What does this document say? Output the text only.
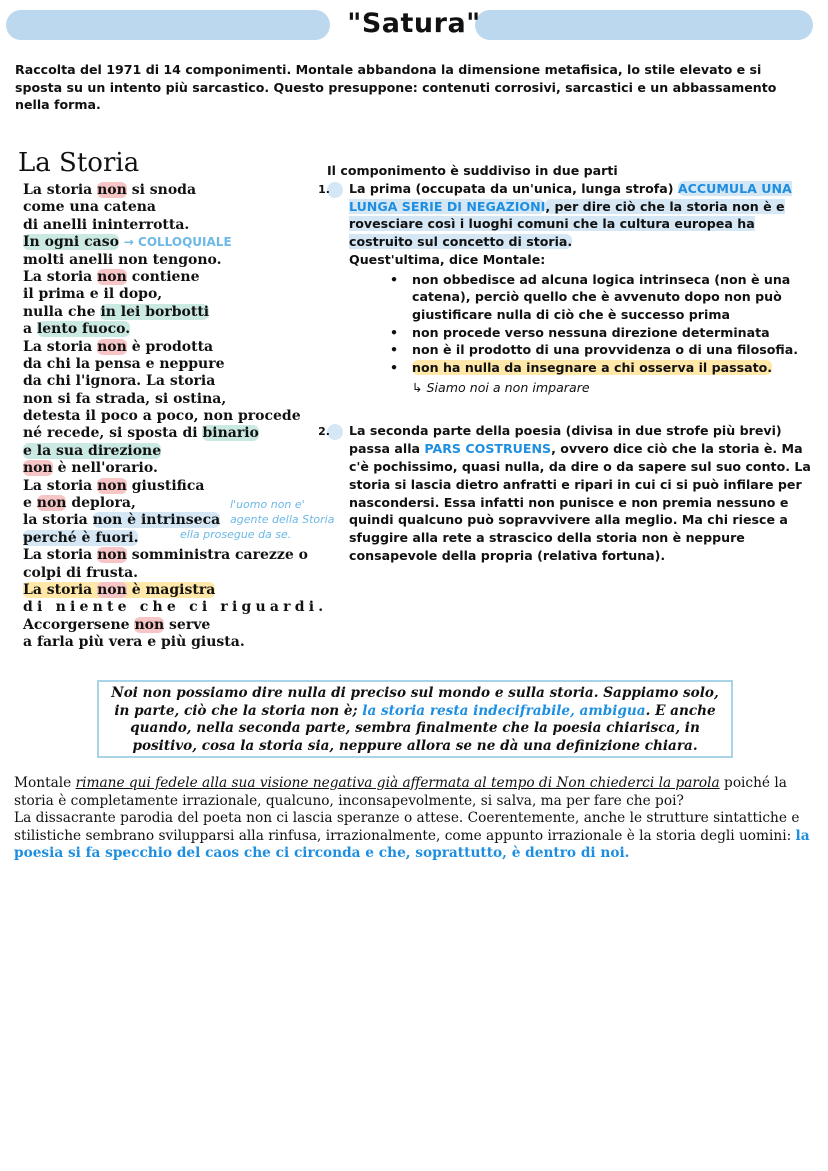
"Satura"
Raccolta del 1971 di 14 componimenti. Montale abbandona la dimensione metafisica, lo stile elevato e si sposta su un intento più sarcastico. Questo presuppone: contenuti corrosivi, sarcastici e un abbassamento nella forma.
La Storia
La storia non si snoda
come una catena
di anelli ininterrotta.
In ogni caso → COLLOQUIALE
molti anelli non tengono.
La storia non contiene
il prima e il dopo,
nulla che in lei borbotti
a lento fuoco.
La storia non è prodotta
da chi la pensa e neppure
da chi l'ignora. La storia
non si fa strada, si ostina,
detesta il poco a poco, non procede
né recede, si sposta di binario
e la sua direzione
non è nell'orario.
La storia non giustifica
e non deplora,
la storia non è intrinseca
perché è fuori.
La storia non somministra carezze o
colpi di frusta.
La storia non è magistra
di niente che ci riguardi.
Accorgersene non serve
a farla più vera e più giusta.
l'uomo non e'
agente della Storia
ella prosegue da se.

Il componimento è suddiviso in due parti

1. La prima (occupata da un'unica, lunga strofa) ACCUMULA UNA LUNGA SERIE DI NEGAZIONI, per dire ciò che la storia non è e rovesciare così i luoghi comuni che la cultura europea ha costruito sul concetto di storia.

Quest'ultima, dice Montale:

• non obbedisce ad alcuna logica intrinseca (non è una catena), perciò quello che è avvenuto dopo non può giustificare nulla di ciò che è successo prima
• non procede verso nessuna direzione determinata
• non è il prodotto di una provvidenza o di una filosofia.
• non ha nulla da insegnare a chi osserva il passato.

↳ Siamo noi a non imparare

2. La seconda parte della poesia (divisa in due strofe più brevi) passa alla PARS COSTRUENS, ovvero dice ciò che la storia è. Ma c'è pochissimo, quasi nulla, da dire o da sapere sul suo conto. La storia si lascia dietro anfratti e ripari in cui ci si può infilare per nascondersi. Essa infatti non punisce e non premia nessuno e quindi qualcuno può sopravvivere alla meglio. Ma chi riesce a sfuggire alla rete a strascico della storia non è neppure consapevole della propria (relativa fortuna).

Noi non possiamo dire nulla di preciso sul mondo e sulla storia. Sappiamo solo, in parte, ciò che la storia non è; la storia resta indecifrabile, ambigua. E anche quando, nella seconda parte, sembra finalmente che la poesia chiarisca, in positivo, cosa la storia sia, neppure allora se ne dà una definizione chiara.

Montale rimane qui fedele alla sua visione negativa già affermata al tempo di Non chiederci la parola poiché la storia è completamente irrazionale, qualcuno, inconsapevolmente, si salva, ma per fare che poi?

La dissacrante parodia del poeta non ci lascia speranze o attese. Coerentemente, anche le strutture sintattiche e stilistiche sembrano svilupparsi alla rinfusa, irrazionalmente, come appunto irrazionale è la storia degli uomini: la poesia si fa specchio del caos che ci circonda e che, soprattutto, è dentro di noi.
